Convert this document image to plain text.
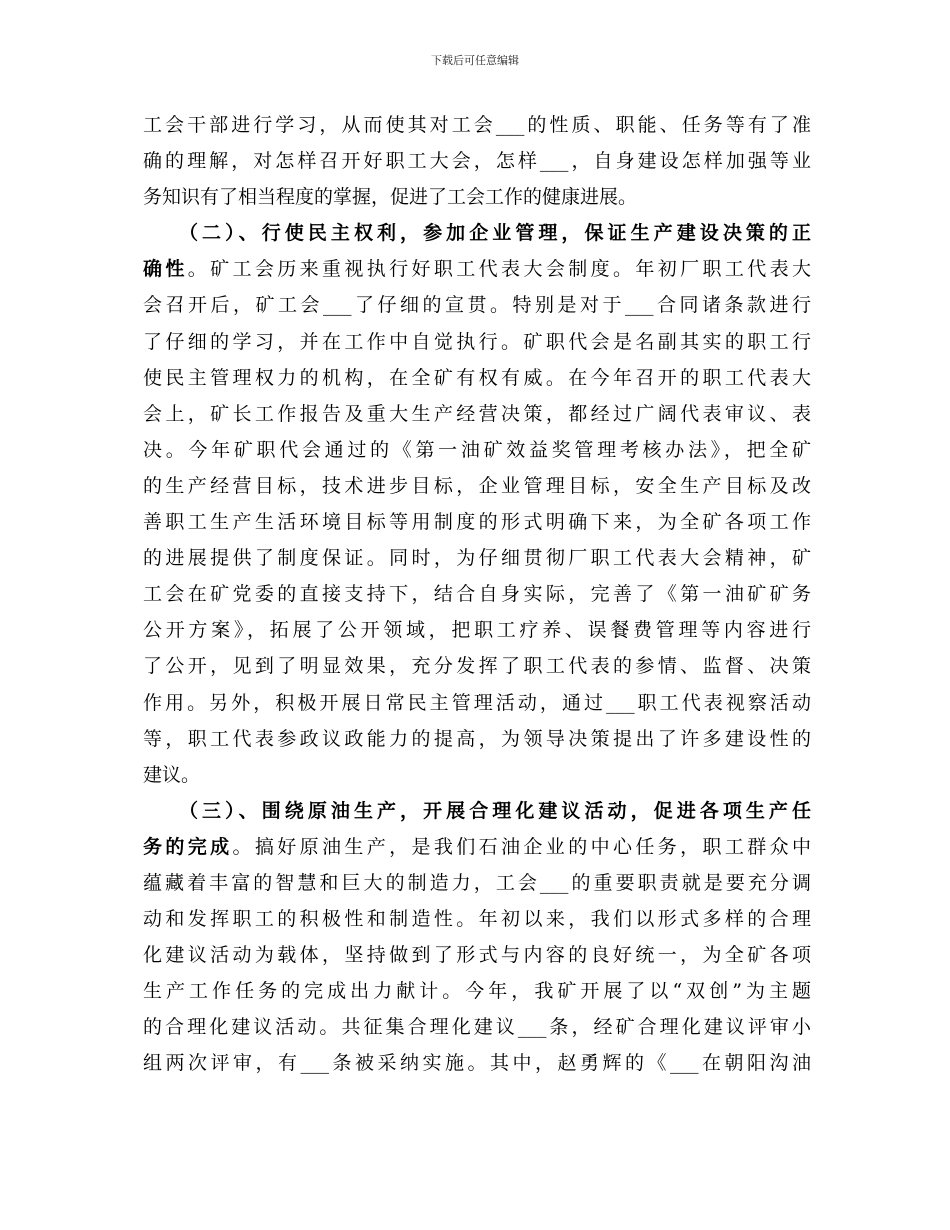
下载后可任意编辑

工会干部进行学习，从而使其对工会___的性质、职能、任务等有了准
确的理解，对怎样召开好职工大会，怎样___，自身建设怎样加强等业
务知识有了相当程度的掌握，促进了工会工作的健康进展。

（二）、行使民主权利，参加企业管理，保证生产建设决策的正
确性。矿工会历来重视执行好职工代表大会制度。年初厂职工代表大
会召开后，矿工会___了仔细的宣贯。特别是对于___合同诸条款进行
了仔细的学习，并在工作中自觉执行。矿职代会是名副其实的职工行
使民主管理权力的机构，在全矿有权有威。在今年召开的职工代表大
会上，矿长工作报告及重大生产经营决策，都经过广阔代表审议、表
决。今年矿职代会通过的《第一油矿效益奖管理考核办法》，把全矿
的生产经营目标，技术进步目标，企业管理目标，安全生产目标及改
善职工生产生活环境目标等用制度的形式明确下来，为全矿各项工作
的进展提供了制度保证。同时，为仔细贯彻厂职工代表大会精神，矿
工会在矿党委的直接支持下，结合自身实际，完善了《第一油矿矿务
公开方案》，拓展了公开领域，把职工疗养、误餐费管理等内容进行
了公开，见到了明显效果，充分发挥了职工代表的参情、监督、决策
作用。另外，积极开展日常民主管理活动，通过___职工代表视察活动
等，职工代表参政议政能力的提高，为领导决策提出了许多建设性的
建议。

（三）、围绕原油生产，开展合理化建议活动，促进各项生产任
务的完成。搞好原油生产，是我们石油企业的中心任务，职工群众中
蕴藏着丰富的智慧和巨大的制造力，工会___的重要职责就是要充分调
动和发挥职工的积极性和制造性。年初以来，我们以形式多样的合理
化建议活动为载体，坚持做到了形式与内容的良好统一，为全矿各项
生产工作任务的完成出力献计。今年，我矿开展了以“双创”为主题
的合理化建议活动。共征集合理化建议___条，经矿合理化建议评审小
组两次评审，有___条被采纳实施。其中，赵勇辉的《___在朝阳沟油
